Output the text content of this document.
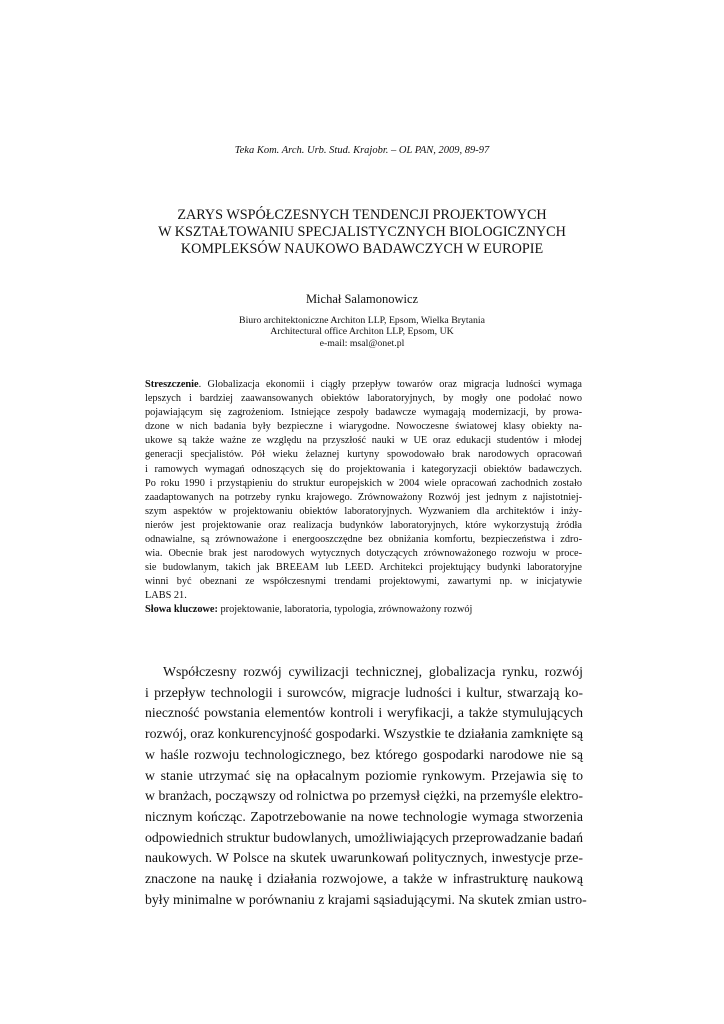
Teka Kom. Arch. Urb. Stud. Krajobr. – OL PAN, 2009, 89-97
ZARYS WSPÓŁCZESNYCH TENDENCJI PROJEKTOWYCH
W KSZTAŁTOWANIU SPECJALISTYCZNYCH BIOLOGICZNYCH
KOMPLEKSÓW NAUKOWO BADAWCZYCH W EUROPIE
Michał Salamonowicz
Biuro architektoniczne Architon LLP, Epsom, Wielka Brytania
Architectural office Architon LLP, Epsom, UK
e-mail: msal@onet.pl
Streszczenie. Globalizacja ekonomii i ciągły przepływ towarów oraz migracja ludności wymaga
lepszych i bardziej zaawansowanych obiektów laboratoryjnych, by mogły one podołać nowo
pojawiającym się zagrożeniom. Istniejące zespoły badawcze wymagają modernizacji, by prowa-
dzone w nich badania były bezpieczne i wiarygodne. Nowoczesne światowej klasy obiekty na-
ukowe są także ważne ze względu na przyszłość nauki w UE oraz edukacji studentów i młodej
generacji specjalistów. Pół wieku żelaznej kurtyny spowodowało brak narodowych opracowań
i ramowych wymagań odnoszących się do projektowania i kategoryzacji obiektów badawczych.
Po roku 1990 i przystąpieniu do struktur europejskich w 2004 wiele opracowań zachodnich zostało
zaadaptowanych na potrzeby rynku krajowego. Zrównoważony Rozwój jest jednym z najistotniej-
szym aspektów w projektowaniu obiektów laboratoryjnych. Wyzwaniem dla architektów i inży-
nierów jest projektowanie oraz realizacja budynków laboratoryjnych, które wykorzystują źródła
odnawialne, są zrównoważone i energooszczędne bez obniżania komfortu, bezpieczeństwa i zdro-
wia. Obecnie brak jest narodowych wytycznych dotyczących zrównoważonego rozwoju w proce-
sie budowlanym, takich jak BREEAM lub LEED. Architekci projektujący budynki laboratoryjne
winni być obeznani ze współczesnymi trendami projektowymi, zawartymi np. w inicjatywie
LABS 21.
Słowa kluczowe: projektowanie, laboratoria, typologia, zrównoważony rozwój
Współczesny rozwój cywilizacji technicznej, globalizacja rynku, rozwój
i przepływ technologii i surowców, migracje ludności i kultur, stwarzają ko-
nieczność powstania elementów kontroli i weryfikacji, a także stymulujących
rozwój, oraz konkurencyjność gospodarki. Wszystkie te działania zamknięte są
w haśle rozwoju technologicznego, bez którego gospodarki narodowe nie są
w stanie utrzymać się na opłacalnym poziomie rynkowym. Przejawia się to
w branżach, począwszy od rolnictwa po przemysł ciężki, na przemyśle elektro-
nicznym kończąc. Zapotrzebowanie na nowe technologie wymaga stworzenia
odpowiednich struktur budowlanych, umożliwiających przeprowadzanie badań
naukowych. W Polsce na skutek uwarunkowań politycznych, inwestycje prze-
znaczone na naukę i działania rozwojowe, a także w infrastrukturę naukową
były minimalne w porównaniu z krajami sąsiadującymi. Na skutek zmian ustro-
